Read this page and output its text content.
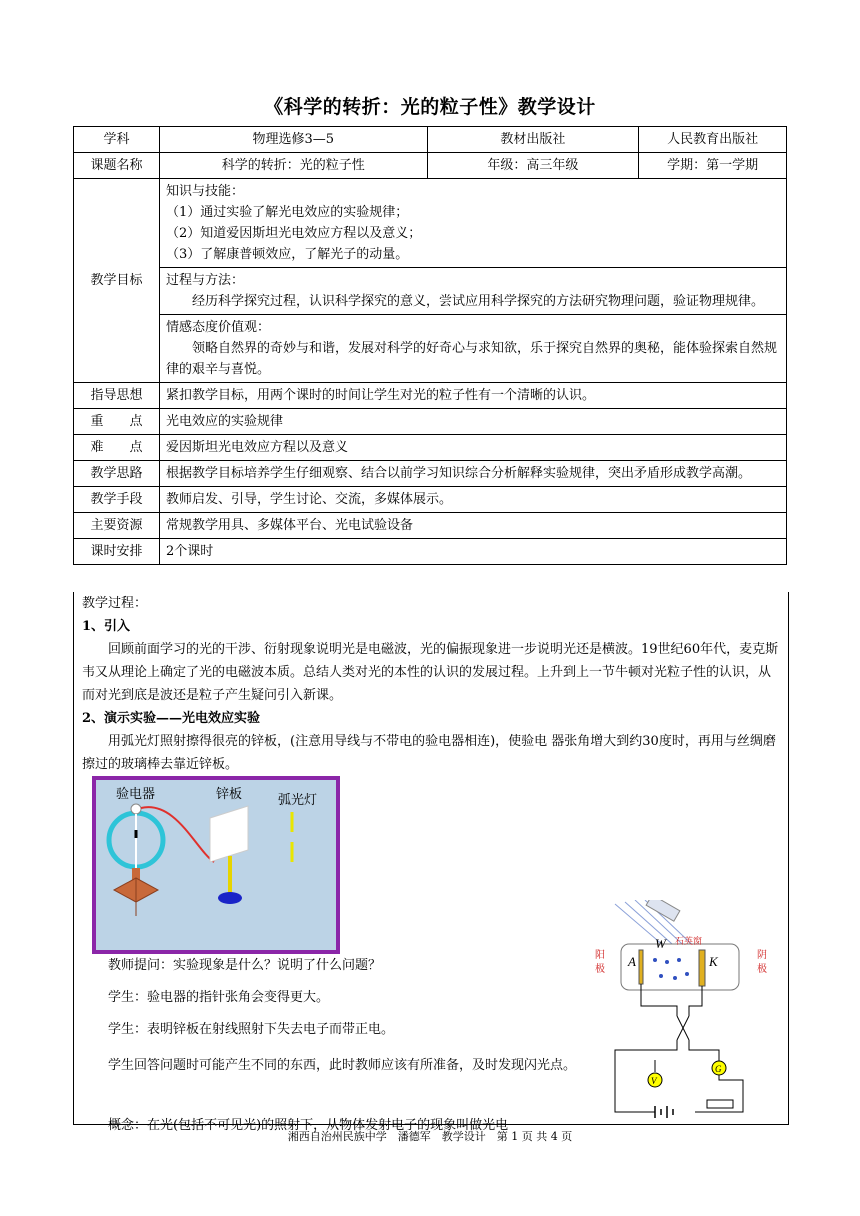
《科学的转折：光的粒子性》教学设计
学科	物理选修3—5	教材出版社	人民教育出版社
课题名称	科学的转折：光的粒子性	年级：高三年级	学期：第一学期
教学目标	知识与技能：
（1）通过实验了解光电效应的实验规律；
（2）知道爱因斯坦光电效应方程以及意义；
（3）了解康普顿效应，了解光子的动量。		

	过程与方法：
经历科学探究过程，认识科学探究的意义，尝试应用科学探究的方法研究物理问题，验证物理规律。		

	情感态度价值观：
领略自然界的奇妙与和谐，发展对科学的好奇心与求知欲，乐于探究自然界的奥秘，能体验探索自然规律的艰辛与喜悦。		

指导思想	紧扣教学目标，用两个课时的时间让学生对光的粒子性有一个清晰的认识。		
重　　点	光电效应的实验规律		
难　　点	爱因斯坦光电效应方程以及意义		
教学思路	根据教学目标培养学生仔细观察、结合以前学习知识综合分析解释实验规律，突出矛盾形成教学高潮。		
教学手段	教师启发、引导，学生讨论、交流，多媒体展示。		
主要资源	常规教学用具、多媒体平台、光电试验设备		
课时安排	2个课时		

教学过程：

1、引入

回顾前面学习的光的干涉、衍射现象说明光是电磁波，光的偏振现象进一步说明光还是横波。19世纪60年代，麦克斯韦又从理论上确定了光的电磁波本质。总结人类对光的本性的认识的发展过程。上升到上一节牛顿对光粒子性的认识，从而对光到底是波还是粒子产生疑问引入新课。

2、演示实验——光电效应实验

用弧光灯照射擦得很亮的锌板，(注意用导线与不带电的验电器相连)，使验电 器张角增大到约30度时，再用与丝绸磨擦过的玻璃棒去靠近锌板。

验电器	锌板	弧光灯
A	K
W 石英窗
阳
极
阴
极
G
V

教师提问：实验现象是什么？说明了什么问题？

学生：验电器的指针张角会变得更大。

学生：表明锌板在射线照射下失去电子而带正电。

学生回答问题时可能产生不同的东西，此时教师应该有所准备，及时发现闪光点。

概念：在光(包括不可见光)的照射下，从物体发射电子的现象叫做光电

湘西自治州民族中学　潘德军　教学设计　第 1 页 共 4 页
